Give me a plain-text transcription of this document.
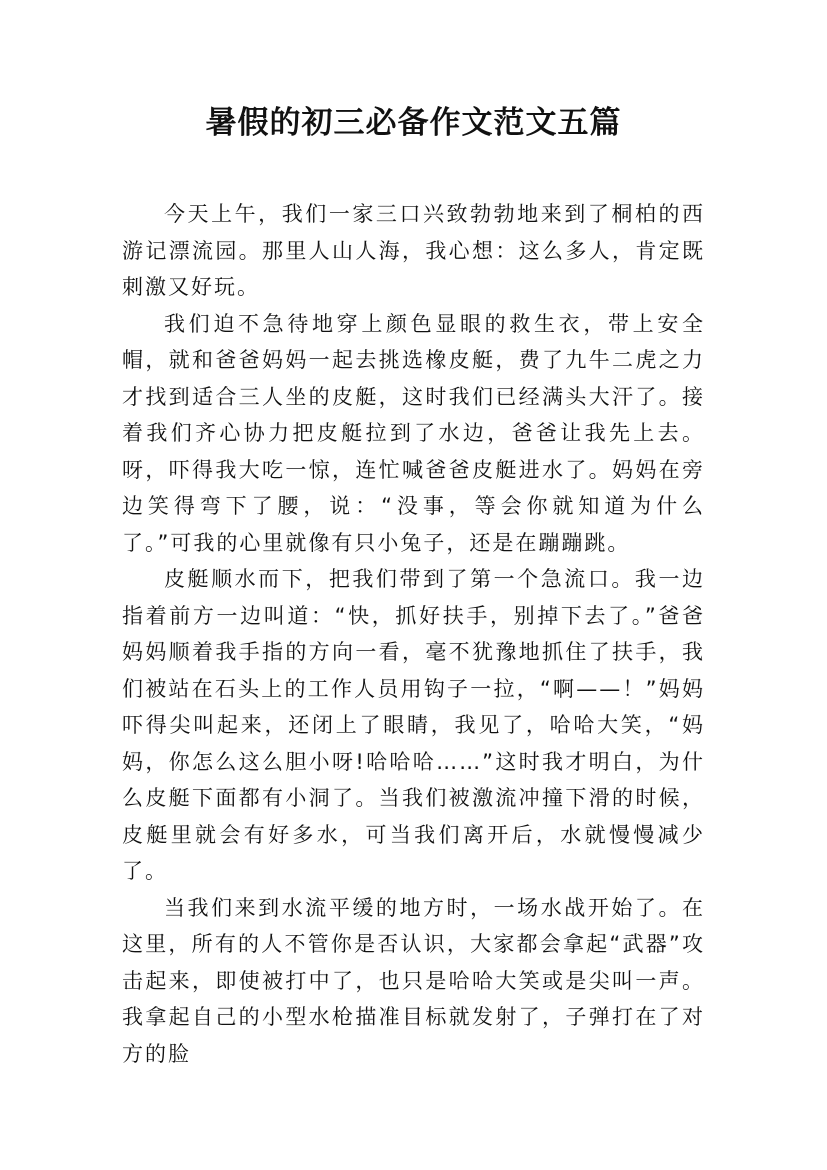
暑假的初三必备作文范文五篇

今天上午，我们一家三口兴致勃勃地来到了桐柏的西游记漂流园。那里人山人海，我心想：这么多人，肯定既刺激又好玩。

我们迫不急待地穿上颜色显眼的救生衣，带上安全帽，就和爸爸妈妈一起去挑选橡皮艇，费了九牛二虎之力才找到适合三人坐的皮艇，这时我们已经满头大汗了。接着我们齐心协力把皮艇拉到了水边，爸爸让我先上去。呀，吓得我大吃一惊，连忙喊爸爸皮艇进水了。妈妈在旁边笑得弯下了腰，说：“没事，等会你就知道为什么了。”可我的心里就像有只小兔子，还是在蹦蹦跳。

皮艇顺水而下，把我们带到了第一个急流口。我一边指着前方一边叫道：“快，抓好扶手，别掉下去了。”爸爸妈妈顺着我手指的方向一看，毫不犹豫地抓住了扶手，我们被站在石头上的工作人员用钩子一拉，“啊——！”妈妈吓得尖叫起来，还闭上了眼睛，我见了，哈哈大笑，“妈妈，你怎么这么胆小呀!哈哈哈……”这时我才明白，为什么皮艇下面都有小洞了。当我们被激流冲撞下滑的时候，皮艇里就会有好多水，可当我们离开后，水就慢慢减少了。

当我们来到水流平缓的地方时，一场水战开始了。在这里，所有的人不管你是否认识，大家都会拿起“武器”攻击起来，即使被打中了，也只是哈哈大笑或是尖叫一声。我拿起自己的小型水枪描准目标就发射了，子弹打在了对方的脸
